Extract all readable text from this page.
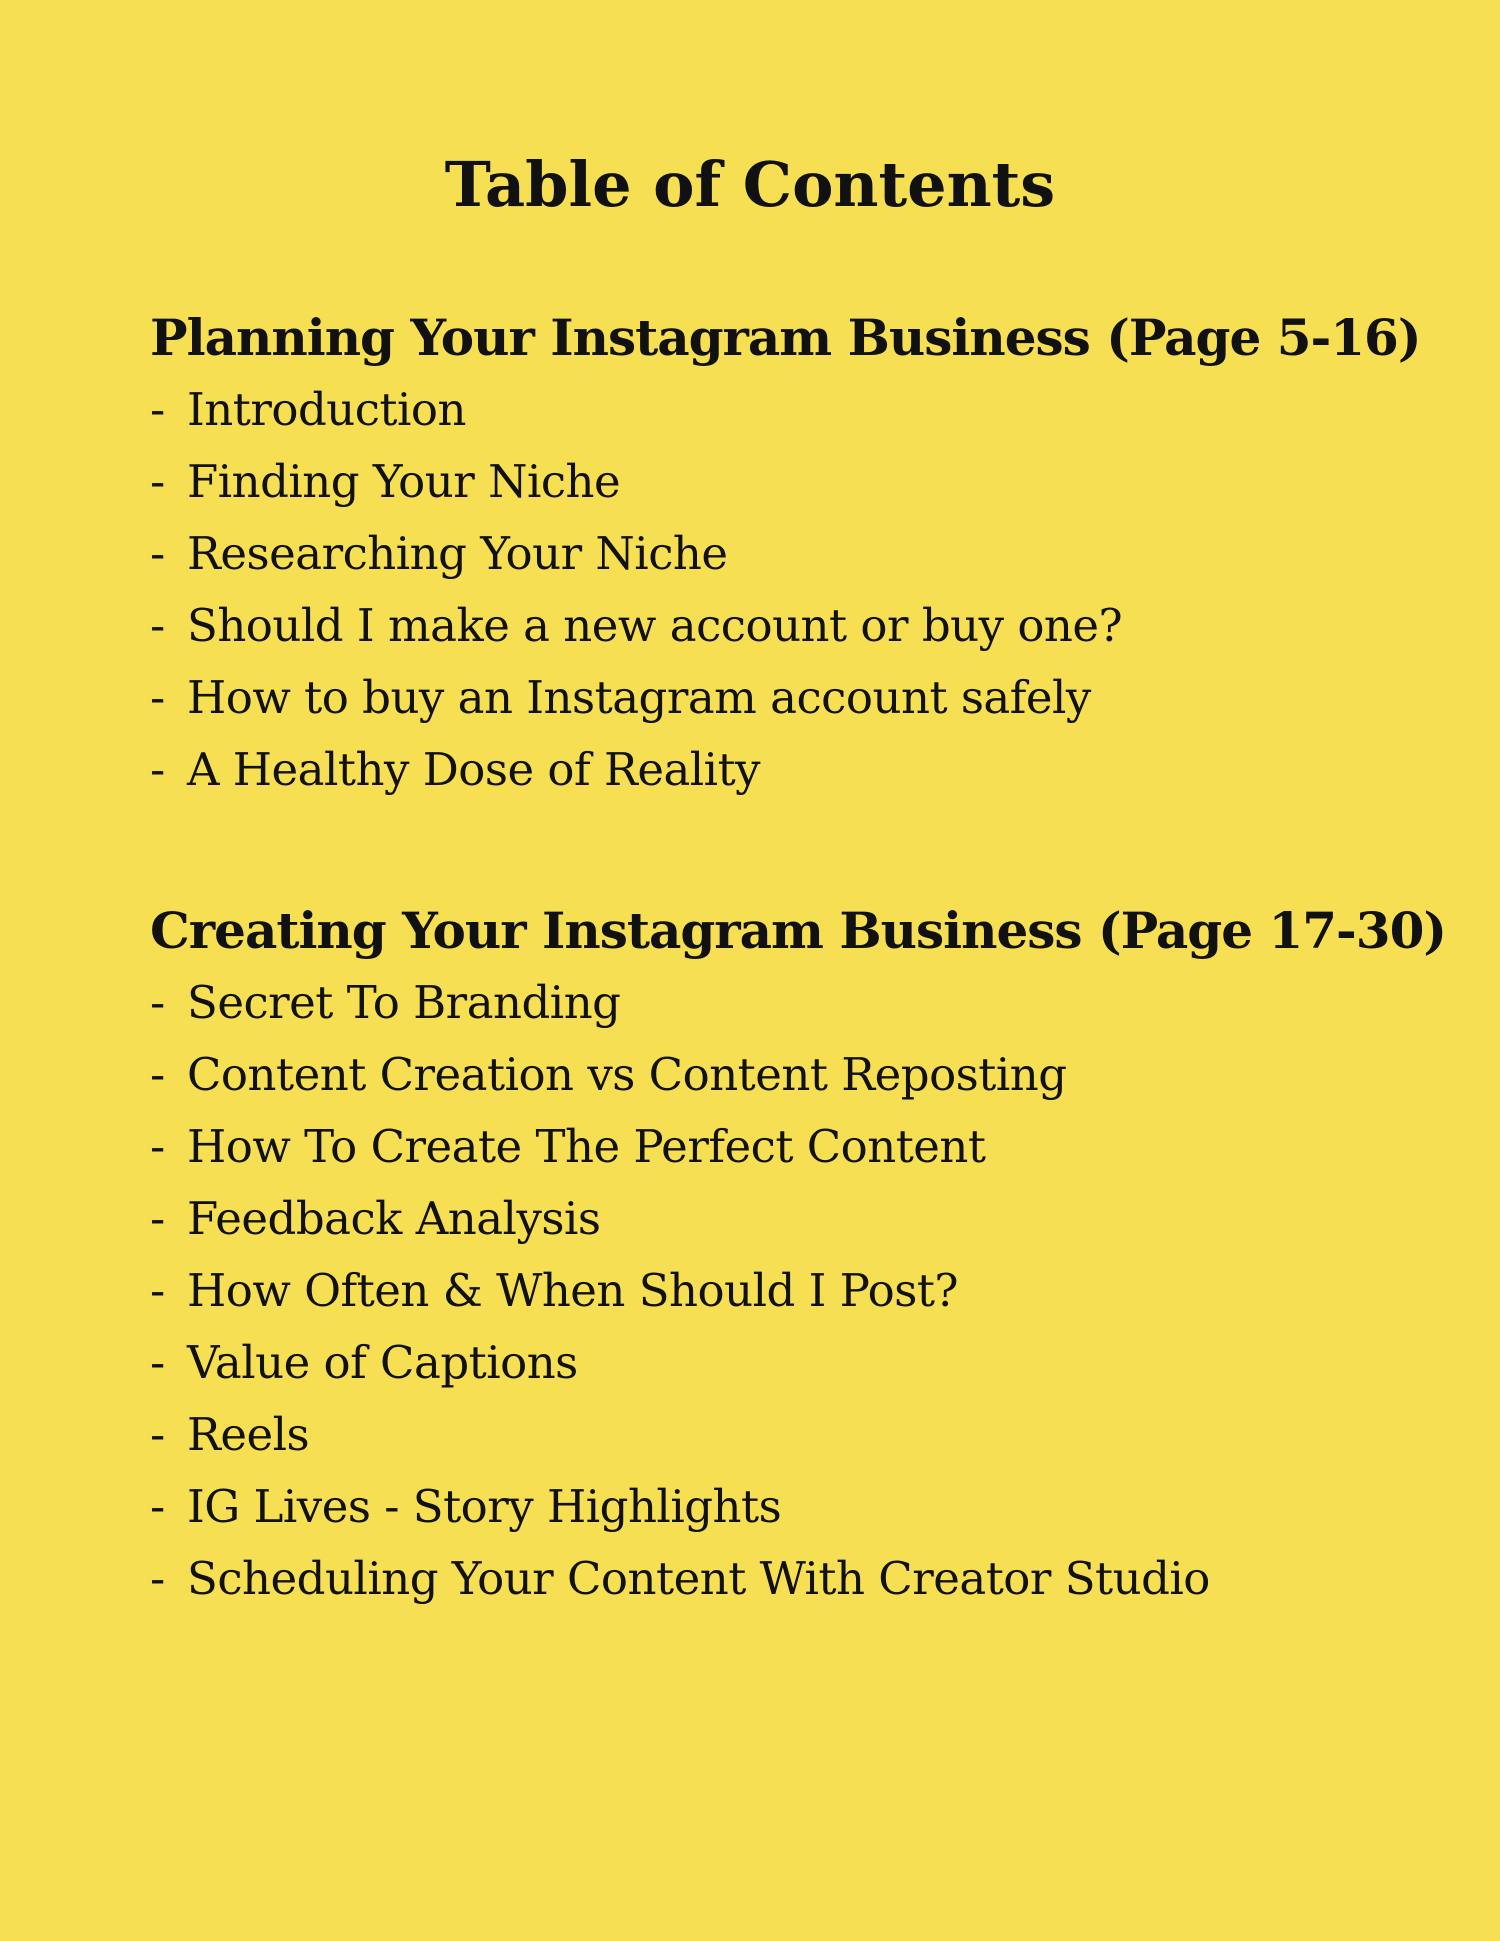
Table of Contents
Planning Your Instagram Business (Page 5-16)
- Introduction
- Finding Your Niche
- Researching Your Niche
- Should I make a new account or buy one?
- How to buy an Instagram account safely
- A Healthy Dose of Reality
Creating Your Instagram Business (Page 17-30)
- Secret To Branding
- Content Creation vs Content Reposting
- How To Create The Perfect Content
- Feedback Analysis
- How Often & When Should I Post?
- Value of Captions
- Reels
- IG Lives - Story Highlights
- Scheduling Your Content With Creator Studio
